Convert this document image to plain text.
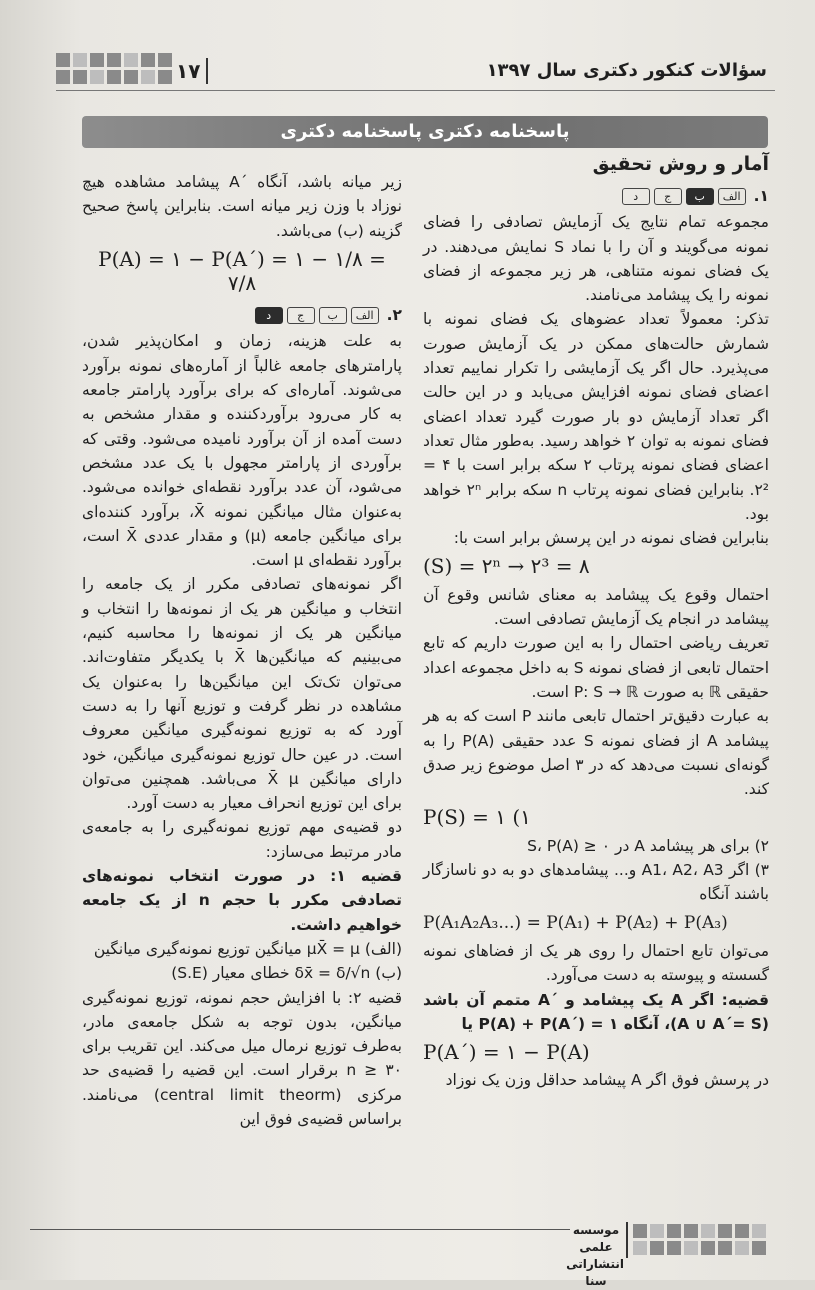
۱۷	سؤالات کنکور دکتری سال ۱۳۹۷
پاسخنامه دکتری پاسخنامه دکتری

آمار و روش تحقیق

۱.
الف
ب
ج
د

مجموعه تمام نتایج یک آزمایش تصادفی را فضای نمونه می‌گویند و آن را با نماد S نمایش می‌دهند. در یک فضای نمونه متناهی، هر زیر مجموعه از فضای نمونه را یک پیشامد می‌نامند.

تذکر: معمولاً تعداد عضوهای یک فضای نمونه با شمارش حالت‌های ممکن در یک آزمایش صورت می‌پذیرد. حال اگر یک آزمایشی را تکرار نماییم تعداد اعضای فضای نمونه افزایش می‌یابد و در این حالت اگر تعداد آزمایش دو بار صورت گیرد تعداد اعضای فضای نمونه به توان ۲ خواهد رسید. به‌طور مثال تعداد اعضای فضای نمونه پرتاب ۲ سکه برابر است با ۴ = ۲². بنابراین فضای نمونه پرتاب n سکه برابر ۲ⁿ خواهد بود.

بنابراین فضای نمونه در این پرسش برابر است با:

(S) = ۲ⁿ → ۲³ = ۸

احتمال وقوع یک پیشامد به معنای شانس وقوع آن پیشامد در انجام یک آزمایش تصادفی است.

تعریف ریاضی احتمال را به این صورت داریم که تابع احتمال تابعی از فضای نمونه S به داخل مجموعه اعداد حقیقی ℝ به صورت P: S → ℝ است.

به عبارت دقیق‌تر احتمال تابعی مانند P است که به هر پیشامد A از فضای نمونه S عدد حقیقی P(A) را به گونه‌ای نسبت می‌دهد که در ۳ اصل موضوع زیر صدق کند.

P(S) = ۱ (۱

۲) برای هر پیشامد A در S، P(A) ≥ ۰

۳) اگر A1، A2، A3 و... پیشامدهای دو به دو ناسازگار باشند آنگاه

P(A₁A₂A₃...) = P(A₁) + P(A₂) + P(A₃)

می‌توان تابع احتمال را روی هر یک از فضاهای نمونه گسسته و پیوسته به دست می‌آورد.

قضیه: اگر A یک پیشامد و ´A متمم آن باشد (A ∪ A´= S)، آنگاه P(A) + P(A´) = ۱ یا

P(A´) = ۱ − P(A)

در پرسش فوق اگر A پیشامد حداقل وزن یک نوزاد

زیر میانه باشد، آنگاه ´A پیشامد مشاهده هیچ نوزاد با وزن زیر میانه است. بنابراین پاسخ صحیح گزینه (ب) می‌باشد.

P(A) = ۱ − P(A´) = ۱ − ۱/۸ = ۷/۸
۲.
الف
ب
ج
د

به علت هزینه، زمان و امکان‌پذیر شدن، پارامترهای جامعه غالباً از آماره‌های نمونه برآورد می‌شوند. آماره‌ای که برای برآورد پارامتر جامعه به کار می‌رود برآوردکننده و مقدار مشخص به دست آمده از آن برآورد نامیده می‌شود. وقتی که برآوردی از پارامتر مجهول با یک عدد مشخص می‌شود، آن عدد برآورد نقطه‌ای خوانده می‌شود. به‌عنوان مثال میانگین نمونه X̄، برآورد کننده‌ای برای میانگین جامعه (μ) و مقدار عددی X̄ است، برآورد نقطه‌ای μ است.

اگر نمونه‌های تصادفی مکرر از یک جامعه را انتخاب و میانگین هر یک از نمونه‌ها را انتخاب و میانگین هر یک از نمونه‌ها را محاسبه کنیم، می‌بینیم که میانگین‌ها X̄ با یکدیگر متفاوت‌اند. می‌توان تک‌تک این میانگین‌ها را به‌عنوان یک مشاهده در نظر گرفت و توزیع آنها را به دست آورد که به توزیع نمونه‌گیری میانگین معروف است. در عین حال توزیع نمونه‌گیری میانگین، خود دارای میانگین X̄ μ می‌باشد. همچنین می‌توان برای این توزیع انحراف معیار به دست آورد.

دو قضیه‌ی مهم توزیع نمونه‌گیری را به جامعه‌ی مادر مرتبط می‌سازد:

قضیه ۱: در صورت انتخاب نمونه‌های تصادفی مکرر با حجم n از یک جامعه خواهیم داشت.

(الف) μX̄ = μ میانگین توزیع نمونه‌گیری میانگین

(ب) δx̄ = δ/√n خطای معیار (S.E)

قضیه ۲: با افزایش حجم نمونه، توزیع نمونه‌گیری میانگین، بدون توجه به شکل جامعه‌ی مادر، به‌طرف توزیع نرمال میل می‌کند. این تقریب برای n ≥ ۳۰ برقرار است. این قضیه را قضیه‌ی حد مرکزی (central limit theorm) می‌نامند. براساس قضیه‌ی فوق این

موسسه علمی
انتشاراتی سنا
